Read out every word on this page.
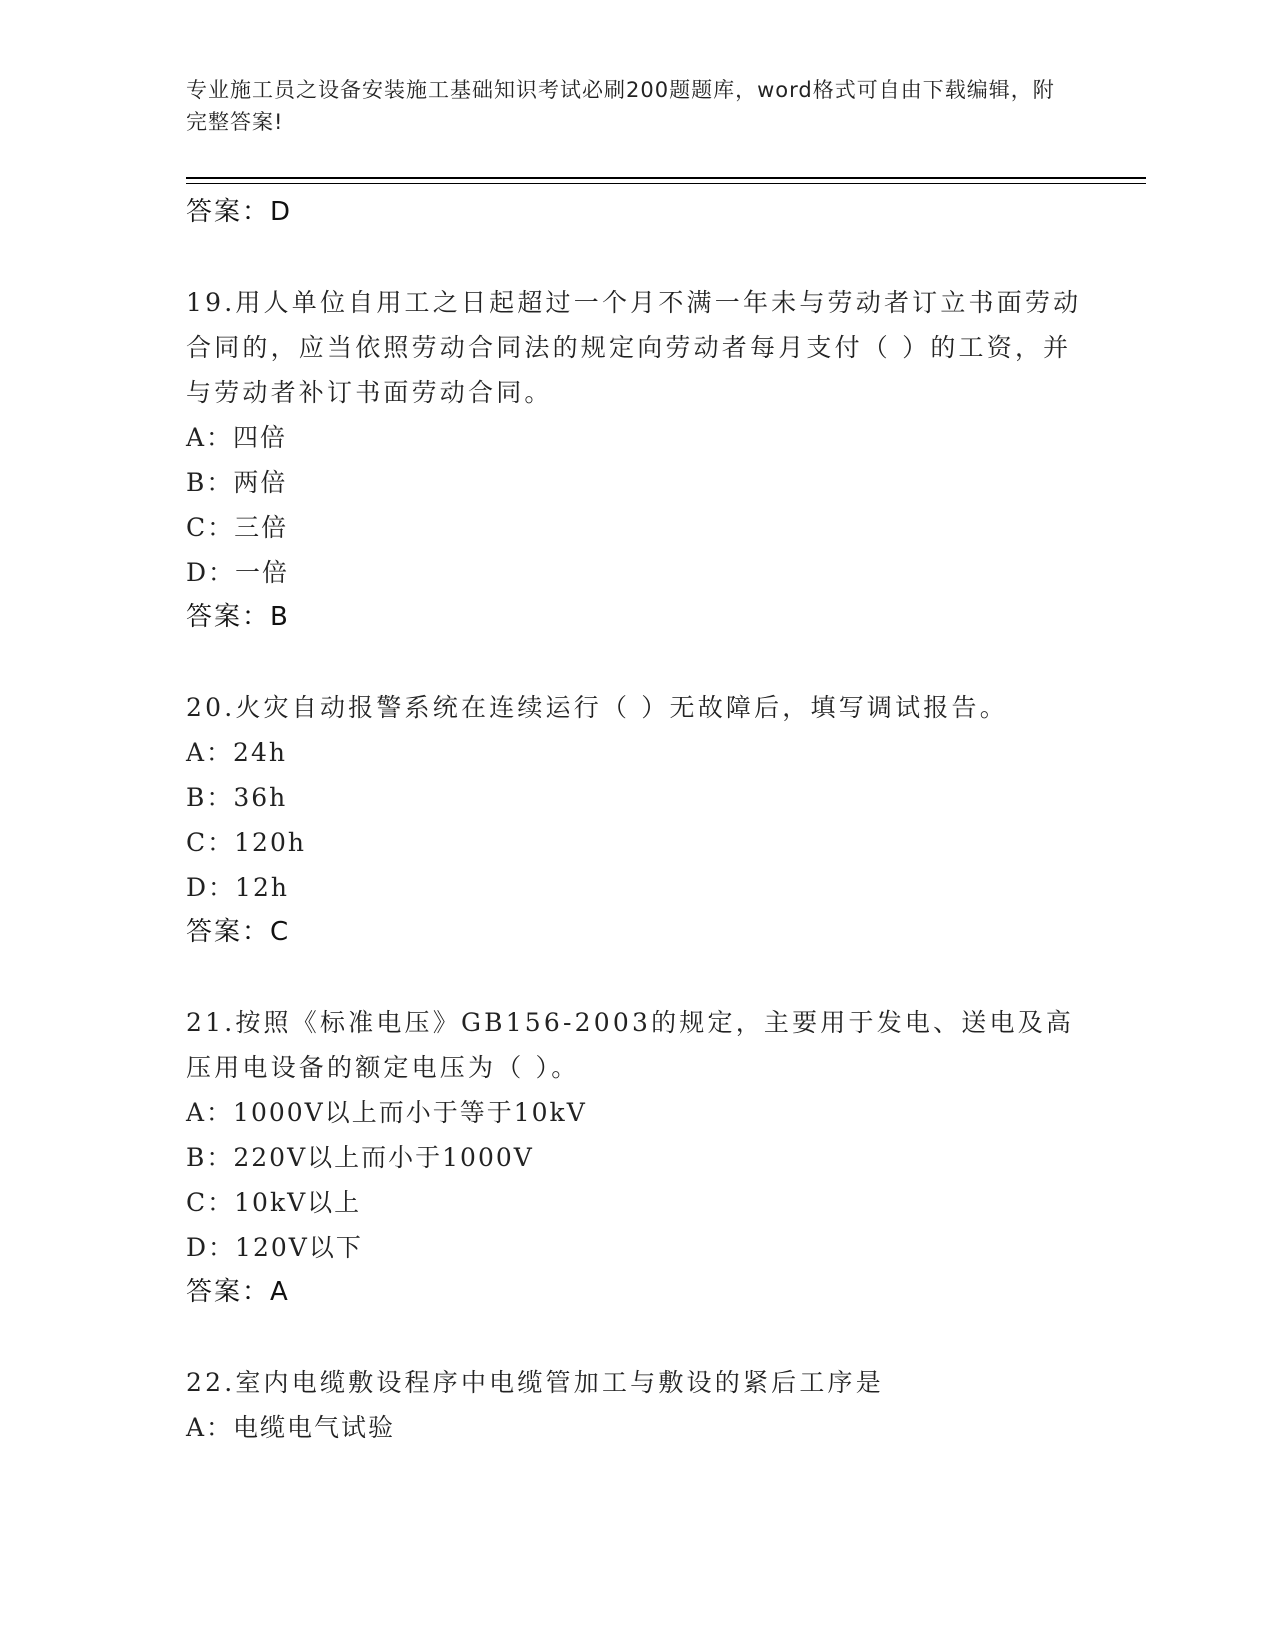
专业施工员之设备安装施工基础知识考试必刷200题题库，word格式可自由下载编辑，附完整答案!
答案：D
19.用人单位自用工之日起超过一个月不满一年未与劳动者订立书面劳动合同的，应当依照劳动合同法的规定向劳动者每月支付（ ）的工资，并与劳动者补订书面劳动合同。
A：四倍
B：两倍
C：三倍
D：一倍
答案：B
20.火灾自动报警系统在连续运行（ ）无故障后，填写调试报告。
A：24h
B：36h
C：120h
D：12h
答案：C
21.按照《标准电压》GB156-2003的规定，主要用于发电、送电及高压用电设备的额定电压为（ ）。
A：1000V以上而小于等于10kV
B：220V以上而小于1000V
C：10kV以上
D：120V以下
答案：A
22.室内电缆敷设程序中电缆管加工与敷设的紧后工序是
A：电缆电气试验
